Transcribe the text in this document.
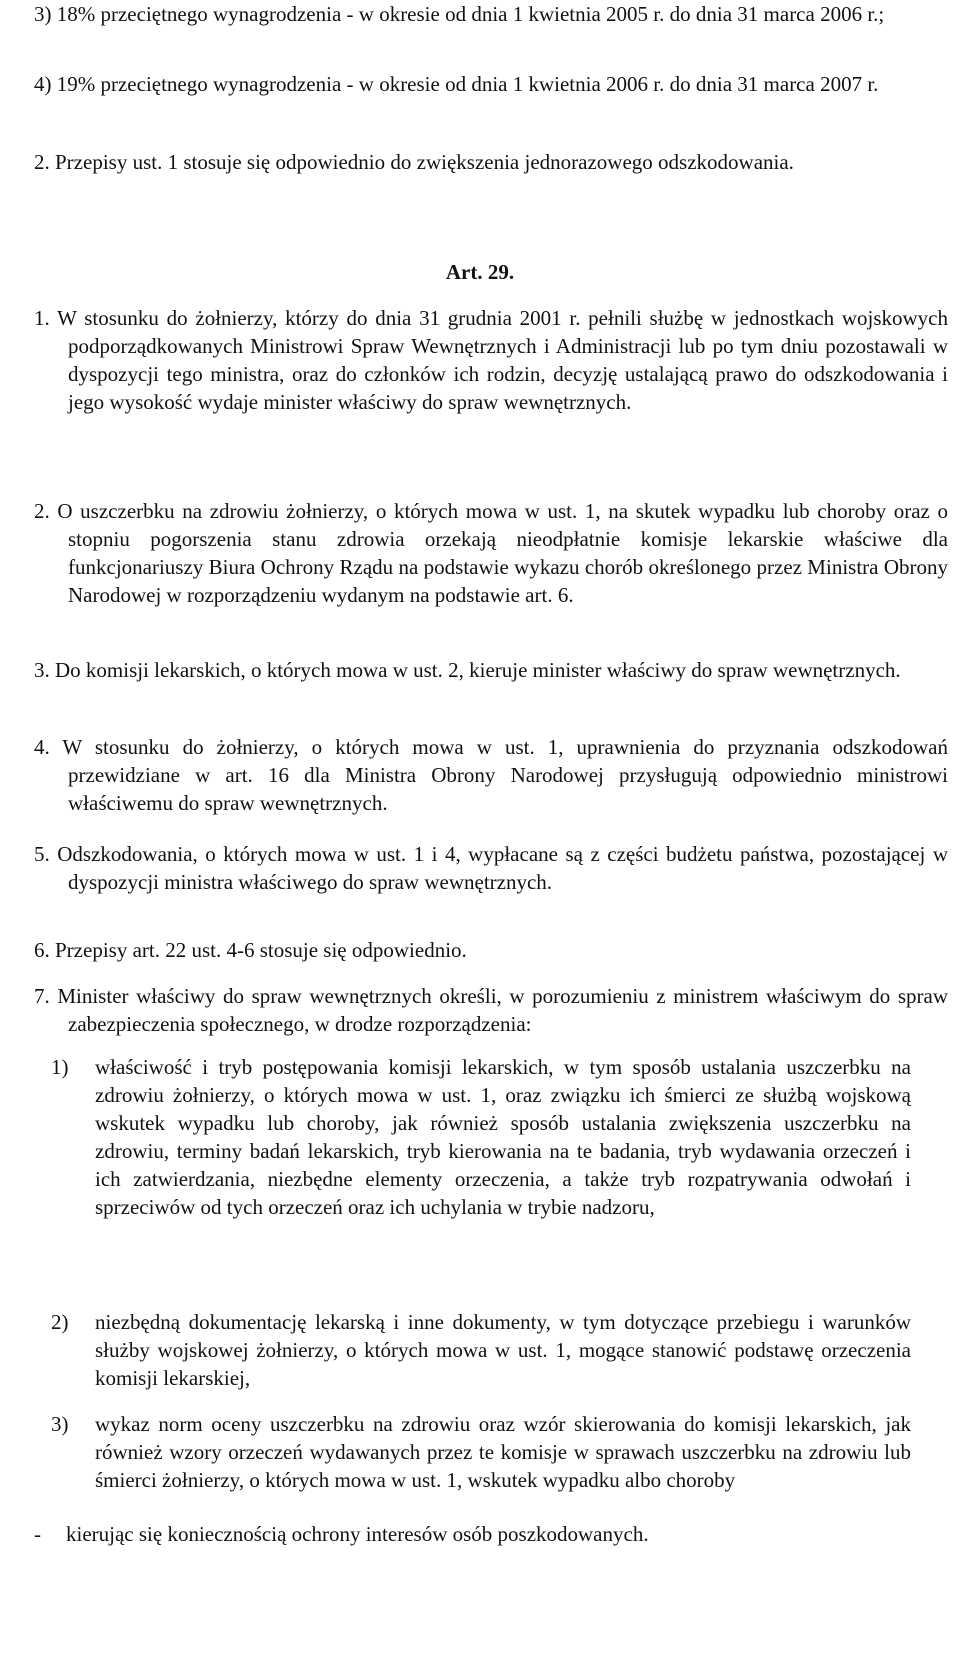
3) 18% przeciętnego wynagrodzenia - w okresie od dnia 1 kwietnia 2005 r. do dnia 31 marca 2006 r.;
4) 19% przeciętnego wynagrodzenia - w okresie od dnia 1 kwietnia 2006 r. do dnia 31 marca 2007 r.
2. Przepisy ust. 1 stosuje się odpowiednio do zwiększenia jednorazowego odszkodowania.
Art. 29.
1. W stosunku do żołnierzy, którzy do dnia 31 grudnia 2001 r. pełnili służbę w jednostkach wojskowych podporządkowanych Ministrowi Spraw Wewnętrznych i Administracji lub po tym dniu pozostawali w dyspozycji tego ministra, oraz do członków ich rodzin, decyzję ustalającą prawo do odszkodowania i jego wysokość wydaje minister właściwy do spraw wewnętrznych.
2. O uszczerbku na zdrowiu żołnierzy, o których mowa w ust. 1, na skutek wypadku lub choroby oraz o stopniu pogorszenia stanu zdrowia orzekają nieodpłatnie komisje lekarskie właściwe dla funkcjonariuszy Biura Ochrony Rządu na podstawie wykazu chorób określonego przez Ministra Obrony Narodowej w rozporządzeniu wydanym na podstawie art. 6.
3. Do komisji lekarskich, o których mowa w ust. 2, kieruje minister właściwy do spraw wewnętrznych.
4. W stosunku do żołnierzy, o których mowa w ust. 1, uprawnienia do przyznania odszkodowań przewidziane w art. 16 dla Ministra Obrony Narodowej przysługują odpowiednio ministrowi właściwemu do spraw wewnętrznych.
5. Odszkodowania, o których mowa w ust. 1 i 4, wypłacane są z części budżetu państwa, pozostającej w dyspozycji ministra właściwego do spraw wewnętrznych.
6. Przepisy art. 22 ust. 4-6 stosuje się odpowiednio.
7. Minister właściwy do spraw wewnętrznych określi, w porozumieniu z ministrem właściwym do spraw zabezpieczenia społecznego, w drodze rozporządzenia:
1) właściwość i tryb postępowania komisji lekarskich, w tym sposób ustalania uszczerbku na zdrowiu żołnierzy, o których mowa w ust. 1, oraz związku ich śmierci ze służbą wojskową wskutek wypadku lub choroby, jak również sposób ustalania zwiększenia uszczerbku na zdrowiu, terminy badań lekarskich, tryb kierowania na te badania, tryb wydawania orzeczeń i ich zatwierdzania, niezbędne elementy orzeczenia, a także tryb rozpatrywania odwołań i sprzeciwów od tych orzeczeń oraz ich uchylania w trybie nadzoru,
2) niezbędną dokumentację lekarską i inne dokumenty, w tym dotyczące przebiegu i warunków służby wojskowej żołnierzy, o których mowa w ust. 1, mogące stanowić podstawę orzeczenia komisji lekarskiej,
3) wykaz norm oceny uszczerbku na zdrowiu oraz wzór skierowania do komisji lekarskich, jak również wzory orzeczeń wydawanych przez te komisje w sprawach uszczerbku na zdrowiu lub śmierci żołnierzy, o których mowa w ust. 1, wskutek wypadku albo choroby
- kierując się koniecznością ochrony interesów osób poszkodowanych.
